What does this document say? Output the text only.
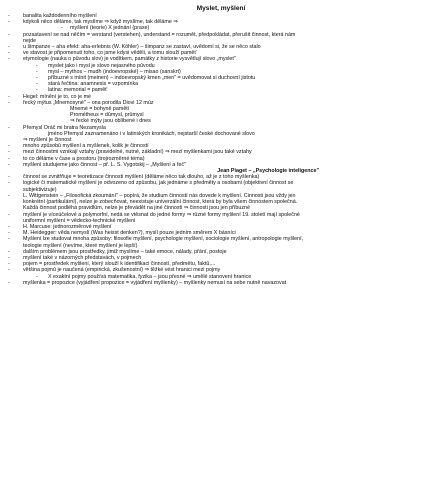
Myslet, myšlení
- banalita každodenního myšlení
- kdykoli něco děláme, tak myslíme ⇒ když myslíme, tak děláme ⇒
- myšlení (teorie) X jednání (praxe)
- pozastavení se nad něčím = verstand (verstehen), understand = rozumět, předpokládat, přerušit činnost, která nám
nejde
- u šimpanze – aha efekt: aha-erlebnis (W. Köhler) – šimpanz se zastaví, uvědomí si, že se něco stalo
- ve stavost je připomenutí toho, co jsme kdysi věděli, a tomu slouží paměť
- etymologie (nauka o původu slov) je vodítkem, památky z historie vysvětlují slovo „myslet"
- myslet jako i mysl je slovo nejasného původu
- mysl – mythos – mudh (indoevropské) – misao (sanskrt)
- příbuzné s mínit (meinen) – indoevropský kmen „men" = uvědomovat si duchovní jistotu
- stará řečtina: anamnesis = vzpomínka
- latina: memorial = paměť
- Hegel: mínění je to, co je mé
- řecký mýtus „Mnemosyné" – ona porodila Diovi 12 múz
Mnemé = bohyně paměti
Prométheus = důmysl, průmysl
⇒ řecké mýty jsou oblíbené i dnes
- Přemysl Oráč mi bratra Nezamysla
jméno Přemysl zaznamenáno i v latinských kronikách, nejstarší české dochované slovo
⇒ myšlení je činnost
- mnoho způsobů myšlení a myšlenek, kolik je činností
- mezi činnostmi vznikají vztahy (pravidelné, nutné, základní) ⇒ mezi myšlenkami jsou také vztahy
- to co děláme v čase a prostoru (trojrozměrné téma)
- myšlení studujeme jako činnost – př. L. S. Vygotskij – „Myšlení a řeč"
Jean Piaget – „Psychologie inteligence"
- činnost se zvnitřňuje = teoretizace činnosti myšlení (děláme něco tak dlouho, až je z toho myšlenka)
- logické či matematické myšlení je odvozeno od způsobu, jak jednáme s předměty a osobami (objektivní činnost se
subjektivizuje)
- L. Wittgenstein – „Filosofická zkoumání" – popírá, že studium činností nás dovede k myšlení. Činnosti jsou vždy jen
konkrétní (partikulární), nelze je zobecňovat, neexistuje univerzální činnost, která by byla všem činnostem společná.
Každá činnost podléhá pravidlům, nelze je převádět na jiné činnosti ⇒ činnosti jsou jen příbuzné
- myšlení je víceúčelové a polymorfní, nedá se vtěsnat do jedné formy ⇒ různé formy myšlení 19. století mají společné
uniformní myšlení = vědecko-technické myšlení
- H. Marcuse: jednorozměrové myšlení
- M. Heidegger: věda nemyslí (Was heisst denken?), myslí pouze jedním směrem X básníci
- Myšlení lze studovat mnoha způsoby: filosofie myšlení, psychologie myšlení, sociologie myšlení, antropologie myšlení,
teologie myšlení (nevíme, které myšlení je lepší)
- dalším problémem jsou prostředky, jimiž myslíme – také emoce, nálady, přání, postoje
- myšlení také v názorných představách, v pojmech
- pojem = prostředek myšlení, který slouží k identifikaci činností, předmětu, faktů,...
- většina pojmů je naučená (empirická, zkušenostní) ⇒ těžké vést hranici mezi pojmy
- X exaktní pojmy používá matematika, fyzika – jsou přesné ⇒ umělé stanovení hranice
- myšlenka = propozice (vyjádření propozice = vyjádření myšlenky) – myšlenky nemusí na sebe nutně navazovat
